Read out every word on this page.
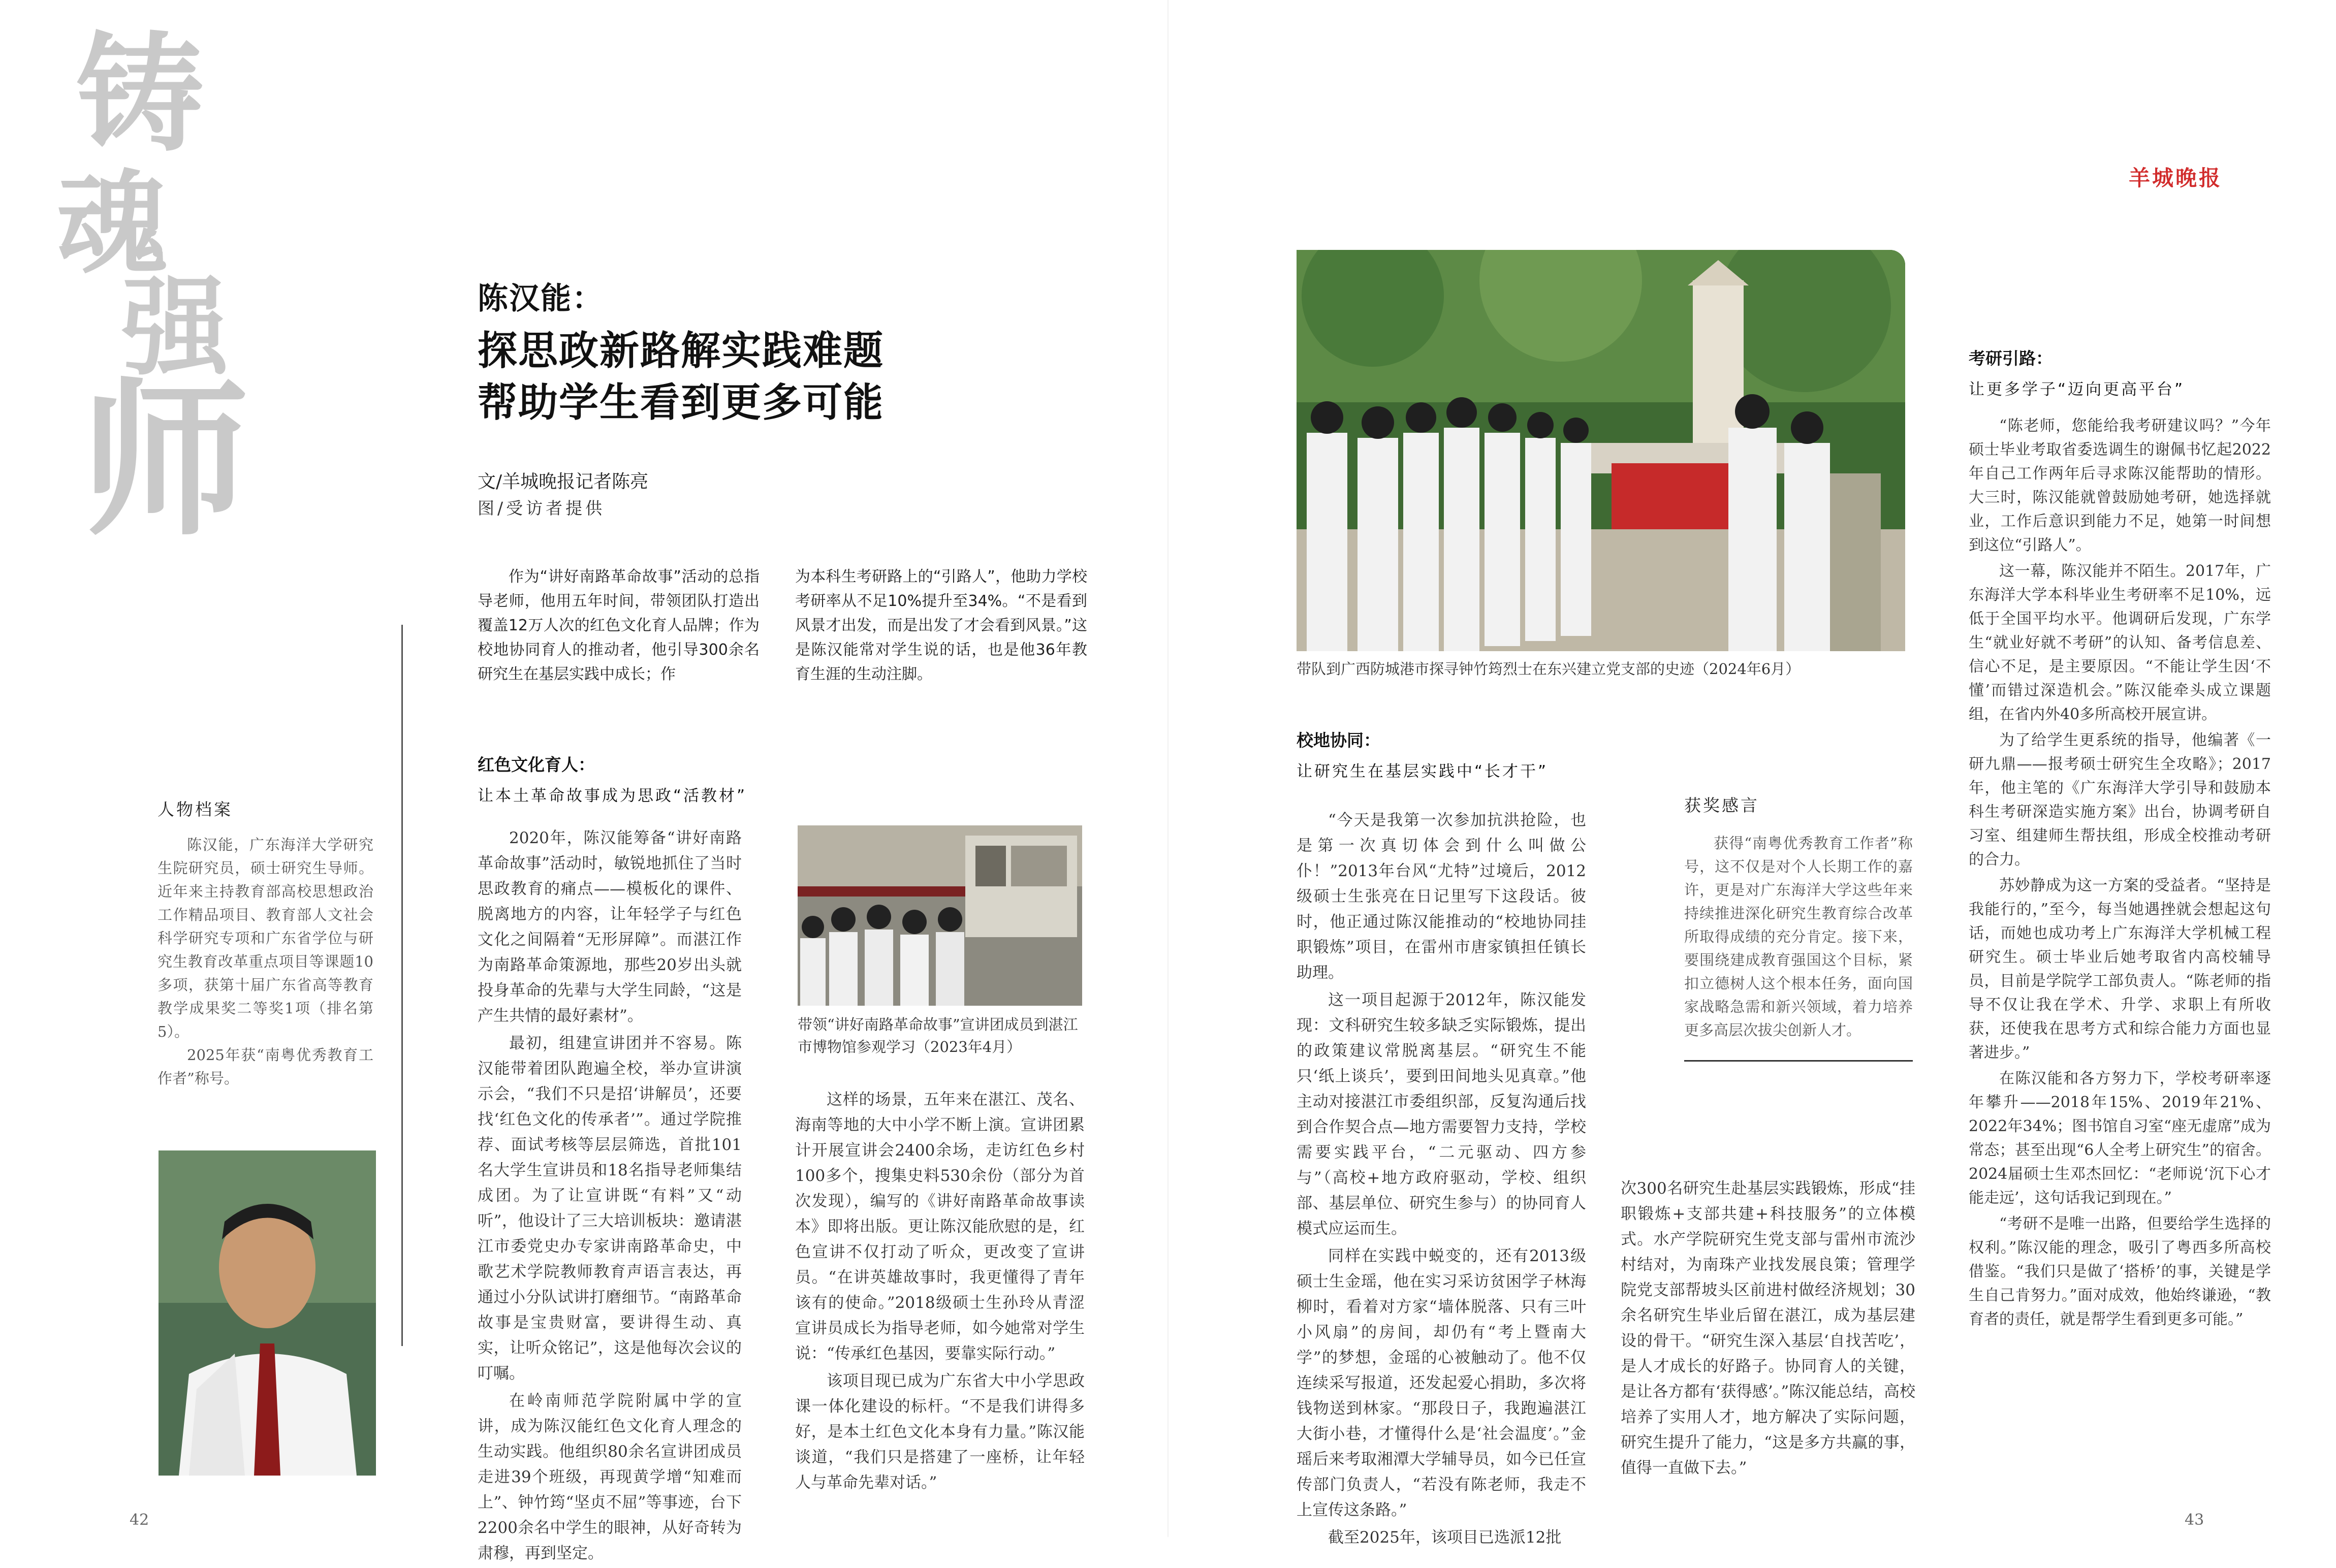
铸
魂
强
师
陈汉能：
探思政新路解实践难题
帮助学生看到更多可能
文/羊城晚报记者陈亮
图/受访者提供
作为“讲好南路革命故事”活动的总指导老师，他用五年时间，带领团队打造出覆盖12万人次的红色文化育人品牌；作为校地协同育人的推动者，他引导300余名研究生在基层实践中成长；作
为本科生考研路上的“引路人”，他助力学校考研率从不足10%提升至34%。“不是看到风景才出发，而是出发了才会看到风景。”这是陈汉能常对学生说的话，也是他36年教育生涯的生动注脚。
人物档案

陈汉能，广东海洋大学研究生院研究员，硕士研究生导师。近年来主持教育部高校思想政治工作精品项目、教育部人文社会科学研究专项和广东省学位与研究生教育改革重点项目等课题10多项，获第十届广东省高等教育教学成果奖二等奖1项（排名第5）。

2025年获“南粤优秀教育工作者”称号。

红色文化育人：
让本土革命故事成为思政“活教材”

2020年，陈汉能筹备“讲好南路革命故事”活动时，敏锐地抓住了当时思政教育的痛点——模板化的课件、脱离地方的内容，让年轻学子与红色文化之间隔着“无形屏障”。而湛江作为南路革命策源地，那些20岁出头就投身革命的先辈与大学生同龄，“这是产生共情的最好素材”。

最初，组建宣讲团并不容易。陈汉能带着团队跑遍全校，举办宣讲演示会，“我们不只是招‘讲解员’，还要找‘红色文化的传承者’”。通过学院推荐、面试考核等层层筛选，首批101名大学生宣讲员和18名指导老师集结成团。为了让宣讲既“有料”又“动听”，他设计了三大培训板块：邀请湛江市委党史办专家讲南路革命史，中歌艺术学院教师教育声语言表达，再通过小分队试讲打磨细节。“南路革命故事是宝贵财富，要讲得生动、真实，让听众铭记”，这是他每次会议的叮嘱。

在岭南师范学院附属中学的宣讲，成为陈汉能红色文化育人理念的生动实践。他组织80余名宣讲团成员走进39个班级，再现黄学增“知难而上”、钟竹筠“坚贞不屈”等事迹，台下2200余名中学生的眼神，从好奇转为肃穆，再到坚定。

带领“讲好南路革命故事”宣讲团成员到湛江市博物馆参观学习（2023年4月）

这样的场景，五年来在湛江、茂名、海南等地的大中小学不断上演。宣讲团累计开展宣讲会2400余场，走访红色乡村100多个，搜集史料530余份（部分为首次发现），编写的《讲好南路革命故事读本》即将出版。更让陈汉能欣慰的是，红色宣讲不仅打动了听众，更改变了宣讲员。“在讲英雄故事时，我更懂得了青年该有的使命。”2018级硕士生孙玲从青涩宣讲员成长为指导老师，如今她常对学生说：“传承红色基因，要靠实际行动。”

该项目现已成为广东省大中小学思政课一体化建设的标杆。“不是我们讲得多好，是本土红色文化本身有力量。”陈汉能谈道，“我们只是搭建了一座桥，让年轻人与革命先辈对话。”

羊城晚报
带队到广西防城港市探寻钟竹筠烈士在东兴建立党支部的史迹（2024年6月）
校地协同：
让研究生在基层实践中“长才干”

“今天是我第一次参加抗洪抢险，也是第一次真切体会到什么叫做公仆！”2013年台风“尤特”过境后，2012级硕士生张亮在日记里写下这段话。彼时，他正通过陈汉能推动的“校地协同挂职锻炼”项目，在雷州市唐家镇担任镇长助理。

这一项目起源于2012年，陈汉能发现：文科研究生较多缺乏实际锻炼，提出的政策建议常脱离基层。“研究生不能只‘纸上谈兵’，要到田间地头见真章。”他主动对接湛江市委组织部，反复沟通后找到合作契合点—地方需要智力支持，学校需要实践平台，“二元驱动、四方参与”（高校+地方政府驱动，学校、组织部、基层单位、研究生参与）的协同育人模式应运而生。

同样在实践中蜕变的，还有2013级硕士生金瑶，他在实习采访贫困学子林海柳时，看着对方家“墙体脱落、只有三叶小风扇”的房间，却仍有“考上暨南大学”的梦想，金瑶的心被触动了。他不仅连续采写报道，还发起爱心捐助，多次将钱物送到林家。“那段日子，我跑遍湛江大街小巷，才懂得什么是‘社会温度’。”金瑶后来考取湘潭大学辅导员，如今已任宣传部门负责人，“若没有陈老师，我走不上宣传这条路。”

截至2025年，该项目已选派12批

获奖感言
获得“南粤优秀教育工作者”称号，这不仅是对个人长期工作的嘉许，更是对广东海洋大学这些年来持续推进深化研究生教育综合改革所取得成绩的充分肯定。接下来，要围绕建成教育强国这个目标，紧扣立德树人这个根本任务，面向国家战略急需和新兴领域，着力培养更多高层次拔尖创新人才。

次300名研究生赴基层实践锻炼，形成“挂职锻炼+支部共建+科技服务”的立体模式。水产学院研究生党支部与雷州市流沙村结对，为南珠产业找发展良策；管理学院党支部帮坡头区前进村做经济规划；30余名研究生毕业后留在湛江，成为基层建设的骨干。“研究生深入基层‘自找苦吃’，是人才成长的好路子。协同育人的关键，是让各方都有‘获得感’。”陈汉能总结，高校培养了实用人才，地方解决了实际问题，研究生提升了能力，“这是多方共赢的事，值得一直做下去。”

考研引路：
让更多学子“迈向更高平台”

“陈老师，您能给我考研建议吗？”今年硕士毕业考取省委选调生的谢佩书忆起2022年自己工作两年后寻求陈汉能帮助的情形。大三时，陈汉能就曾鼓励她考研，她选择就业，工作后意识到能力不足，她第一时间想到这位“引路人”。

这一幕，陈汉能并不陌生。2017年，广东海洋大学本科毕业生考研率不足10%，远低于全国平均水平。他调研后发现，广东学生“就业好就不考研”的认知、备考信息差、信心不足，是主要原因。“不能让学生因‘不懂’而错过深造机会。”陈汉能牵头成立课题组，在省内外40多所高校开展宣讲。

为了给学生更系统的指导，他编著《一研九鼎——报考硕士研究生全攻略》；2017年，他主笔的《广东海洋大学引导和鼓励本科生考研深造实施方案》出台，协调考研自习室、组建师生帮扶组，形成全校推动考研的合力。

苏妙静成为这一方案的受益者。“坚持是我能行的，”至今，每当她遇挫就会想起这句话，而她也成功考上广东海洋大学机械工程研究生。硕士毕业后她考取省内高校辅导员，目前是学院学工部负责人。“陈老师的指导不仅让我在学术、升学、求职上有所收获，还使我在思考方式和综合能力方面也显著进步。”

在陈汉能和各方努力下，学校考研率逐年攀升——2018年15%、2019年21%、2022年34%；图书馆自习室“座无虚席”成为常态；甚至出现“6人全考上研究生”的宿舍。2024届硕士生邓杰回忆：“老师说‘沉下心才能走远’，这句话我记到现在。”

“考研不是唯一出路，但要给学生选择的权利。”陈汉能的理念，吸引了粤西多所高校借鉴。“我们只是做了‘搭桥’的事，关键是学生自己肯努力。”面对成效，他始终谦逊，“教育者的责任，就是帮学生看到更多可能。”

42	43
